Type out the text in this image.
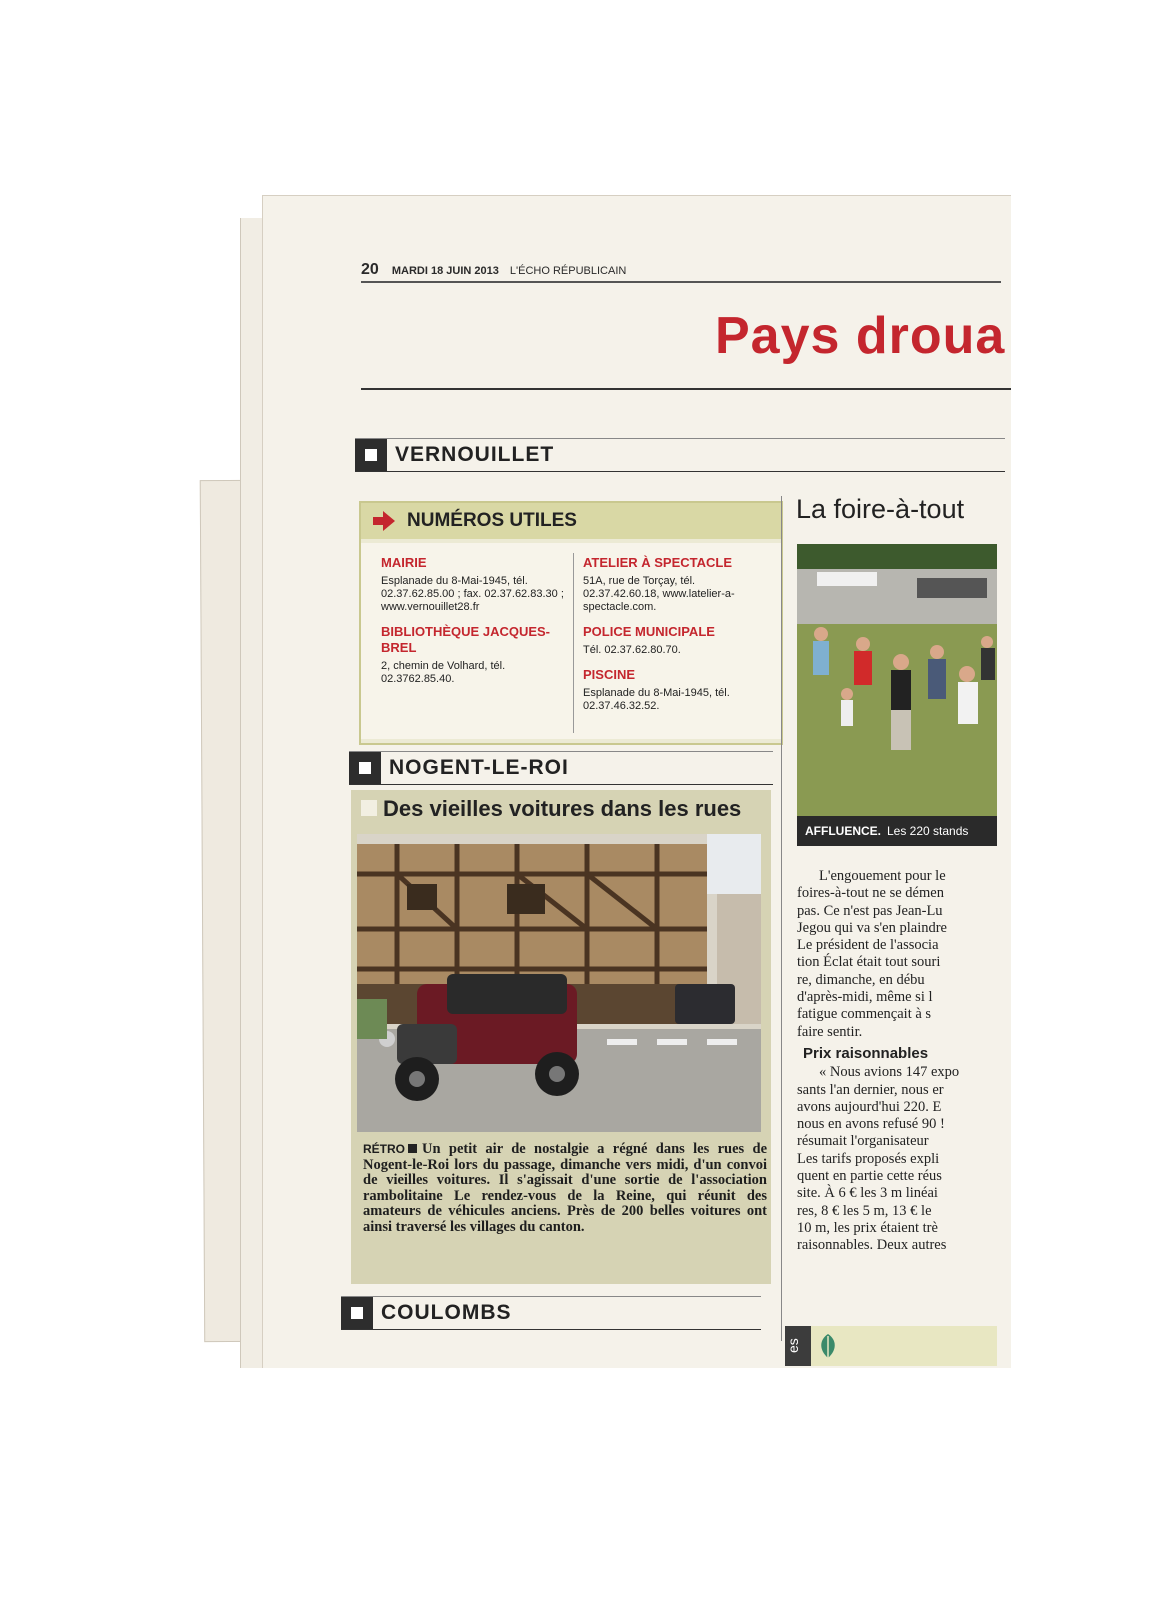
20 MARDI 18 JUIN 2013 L'ÉCHO RÉPUBLICAIN
Pays droua
VERNOUILLET
NUMÉROS UTILES

MAIRIE

Esplanade du 8-Mai-1945, tél. 02.37.62.85.00 ; fax. 02.37.62.83.30 ; www.vernouillet28.fr

BIBLIOTHÈQUE JACQUES-BREL

2, chemin de Volhard, tél. 02.3762.85.40.

ATELIER À SPECTACLE

51A, rue de Torçay, tél. 02.37.42.60.18, www.latelier-a-spectacle.com.

POLICE MUNICIPALE

Tél. 02.37.62.80.70.

PISCINE

Esplanade du 8-Mai-1945, tél. 02.37.46.32.52.

NOGENT-LE-ROI
Des vieilles voitures dans les rues
RÉTRO Un petit air de nostalgie a régné dans les rues de Nogent-le-Roi lors du passage, dimanche vers midi, d'un convoi de vieilles voitures. Il s'agissait d'une sortie de l'association rambolitaine Le rendez-vous de la Reine, qui réunit des amateurs de véhicules anciens. Près de 200 belles voitures ont ainsi traversé les villages du canton.
COULOMBS
La foire-à-tout
AFFLUENCE. Les 220 stands
L'engouement pour le
foires-à-tout ne se démen
pas. Ce n'est pas Jean-Lu
Jegou qui va s'en plaindre
Le président de l'associa
tion Éclat était tout souri
re, dimanche, en débu
d'après-midi, même si l
fatigue commençait à s
faire sentir.
Prix raisonnables
« Nous avions 147 expo
sants l'an dernier, nous er
avons aujourd'hui 220. E
nous en avons refusé 90 !
résumait l'organisateur
Les tarifs proposés expli
quent en partie cette réus
site. À 6 € les 3 m linéai
res, 8 € les 5 m, 13 € le
10 m, les prix étaient trè
raisonnables. Deux autres
es
